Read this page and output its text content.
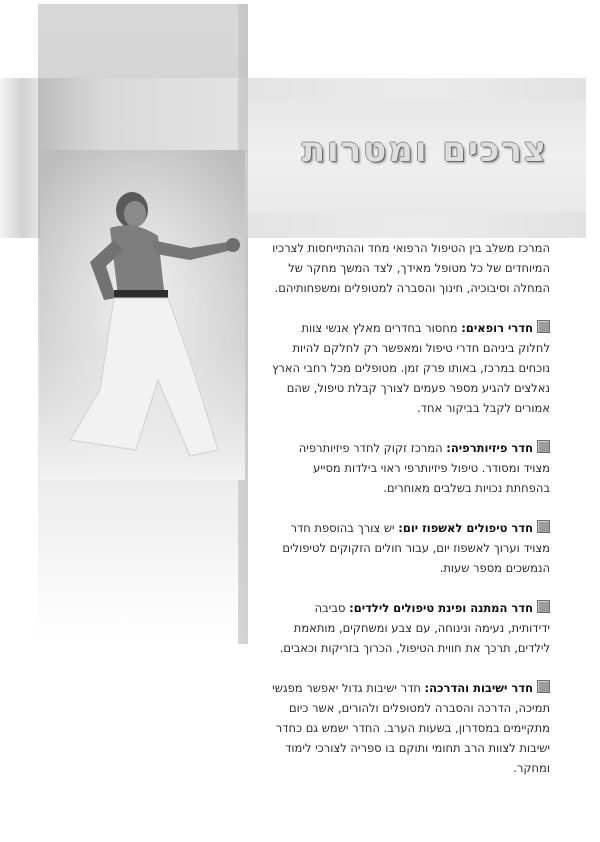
צרכים ומטרות

המרכז משלב בין הטיפול הרפואי מחד וההתייחסות לצרכיו המיוחדים של כל מטופל מאידך, לצד המשך מחקר של המחלה וסיבוכיה, חינוך והסברה למטופלים ומשפחותיהם.

חדרי רופאים: מחסור בחדרים מאלץ אנשי צוות לחלוק ביניהם חדרי טיפול ומאפשר רק לחלקם להיות נוכחים במרכז, באותו פרק זמן. מטופלים מכל רחבי הארץ נאלצים להגיע מספר פעמים לצורך קבלת טיפול, שהם אמורים לקבל בביקור אחד.

חדר פיזיותרפיה: המרכז זקוק לחדר פיזיותרפיה מצויד ומסודר. טיפול פיזיותרפי ראוי בילדות מסייע בהפחתת נכויות בשלבים מאוחרים.

חדר טיפולים לאשפוז יום: יש צורך בהוספת חדר מצויד וערוך לאשפוז יום, עבור חולים הזקוקים לטיפולים הנמשכים מספר שעות.

חדר המתנה ופינת טיפולים לילדים: סביבה ידידותית, נעימה ונינוחה, עם צבע ומשחקים, מותאמת לילדים, תרכך את חווית הטיפול, הכרוך בזריקות וכאבים.

חדר ישיבות והדרכה: חדר ישיבות גדול יאפשר מפגשי תמיכה, הדרכה והסברה למטופלים ולהורים, אשר כיום מתקיימים במסדרון, בשעות הערב. החדר ישמש גם כחדר ישיבות לצוות הרב תחומי ותוקם בו ספריה לצורכי לימוד ומחקר.
